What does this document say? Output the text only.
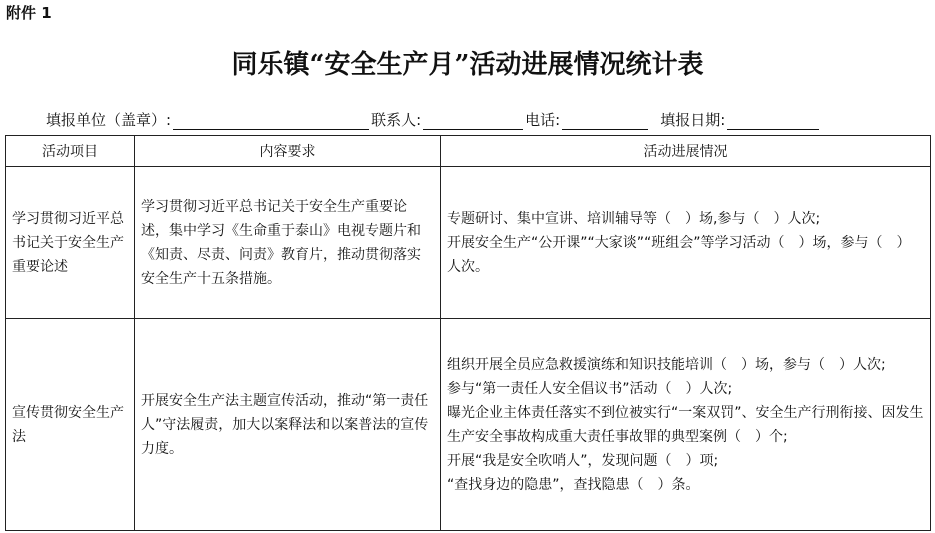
附件 1
同乐镇“安全生产月”活动进展情况统计表
填报单位（盖章）:	联系人:	电话:	填报日期:
活动项目	内容要求	活动进展情况
学习贯彻习近平总书记关于安全生产重要论述	学习贯彻习近平总书记关于安全生产重要论述，集中学习《生命重于泰山》电视专题片和《知责、尽责、问责》教育片，推动贯彻落实安全生产十五条措施。	专题研讨、集中宣讲、培训辅导等（　）场,参与（　）人次;
开展安全生产“公开课”“大家谈”“班组会”等学习活动（　）场，参与（　）人次。

宣传贯彻安全生产法	开展安全生产法主题宣传活动，推动“第一责任人”守法履责，加大以案释法和以案普法的宣传力度。	组织开展全员应急救援演练和知识技能培训（　）场，参与（　）人次;
参与“第一责任人安全倡议书”活动（　）人次;
曝光企业主体责任落实不到位被实行“一案双罚”、安全生产行刑衔接、因发生生产安全事故构成重大责任事故罪的典型案例（　）个;
开展“我是安全吹哨人”，发现问题（　）项;
“查找身边的隐患”，查找隐患（　）条。
